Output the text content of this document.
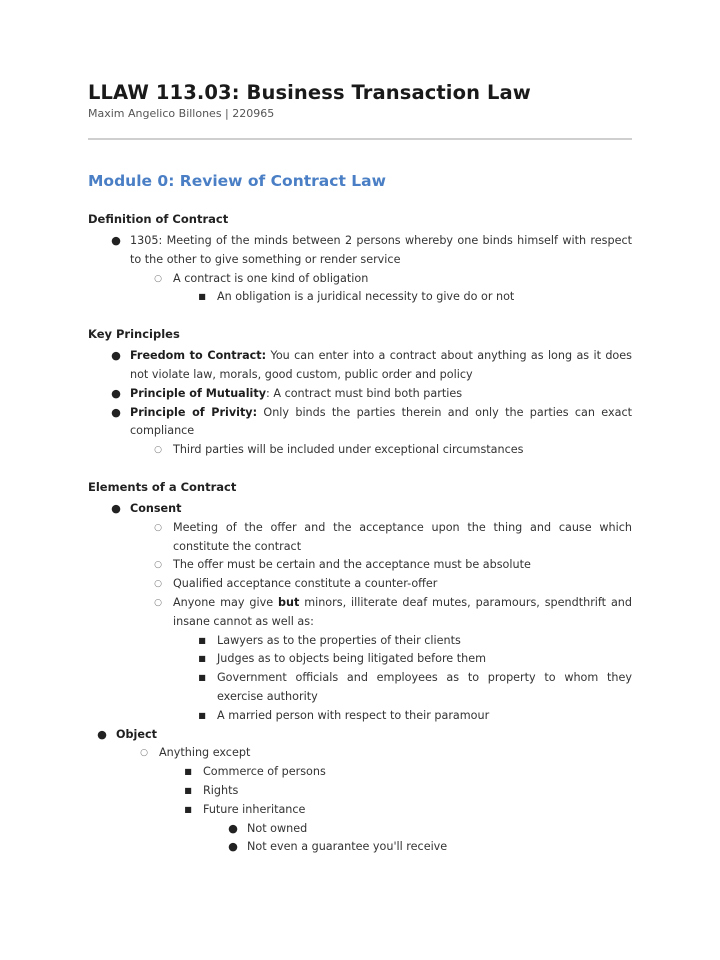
LLAW 113.03: Business Transaction Law

Maxim Angelico Billones | 220965

Module 0: Review of Contract Law
Definition of Contract
● 1305: Meeting of the minds between 2 persons whereby one binds himself with respect to the other to give something or render service
○ A contract is one kind of obligation
■ An obligation is a juridical necessity to give do or not
Key Principles
● Freedom to Contract: You can enter into a contract about anything as long as it does not violate law, morals, good custom, public order and policy
● Principle of Mutuality: A contract must bind both parties
● Principle of Privity: Only binds the parties therein and only the parties can exact compliance
○ Third parties will be included under exceptional circumstances
Elements of a Contract
● Consent
○ Meeting of the offer and the acceptance upon the thing and cause which constitute the contract
○ The offer must be certain and the acceptance must be absolute
○ Qualified acceptance constitute a counter-offer
○ Anyone may give but minors, illiterate deaf mutes, paramours, spendthrift and insane cannot as well as:
■ Lawyers as to the properties of their clients
■ Judges as to objects being litigated before them
■ Government officials and employees as to property to whom they exercise authority
■ A married person with respect to their paramour
● Object
○ Anything except
■ Commerce of persons
■ Rights
■ Future inheritance
● Not owned
● Not even a guarantee you'll receive
